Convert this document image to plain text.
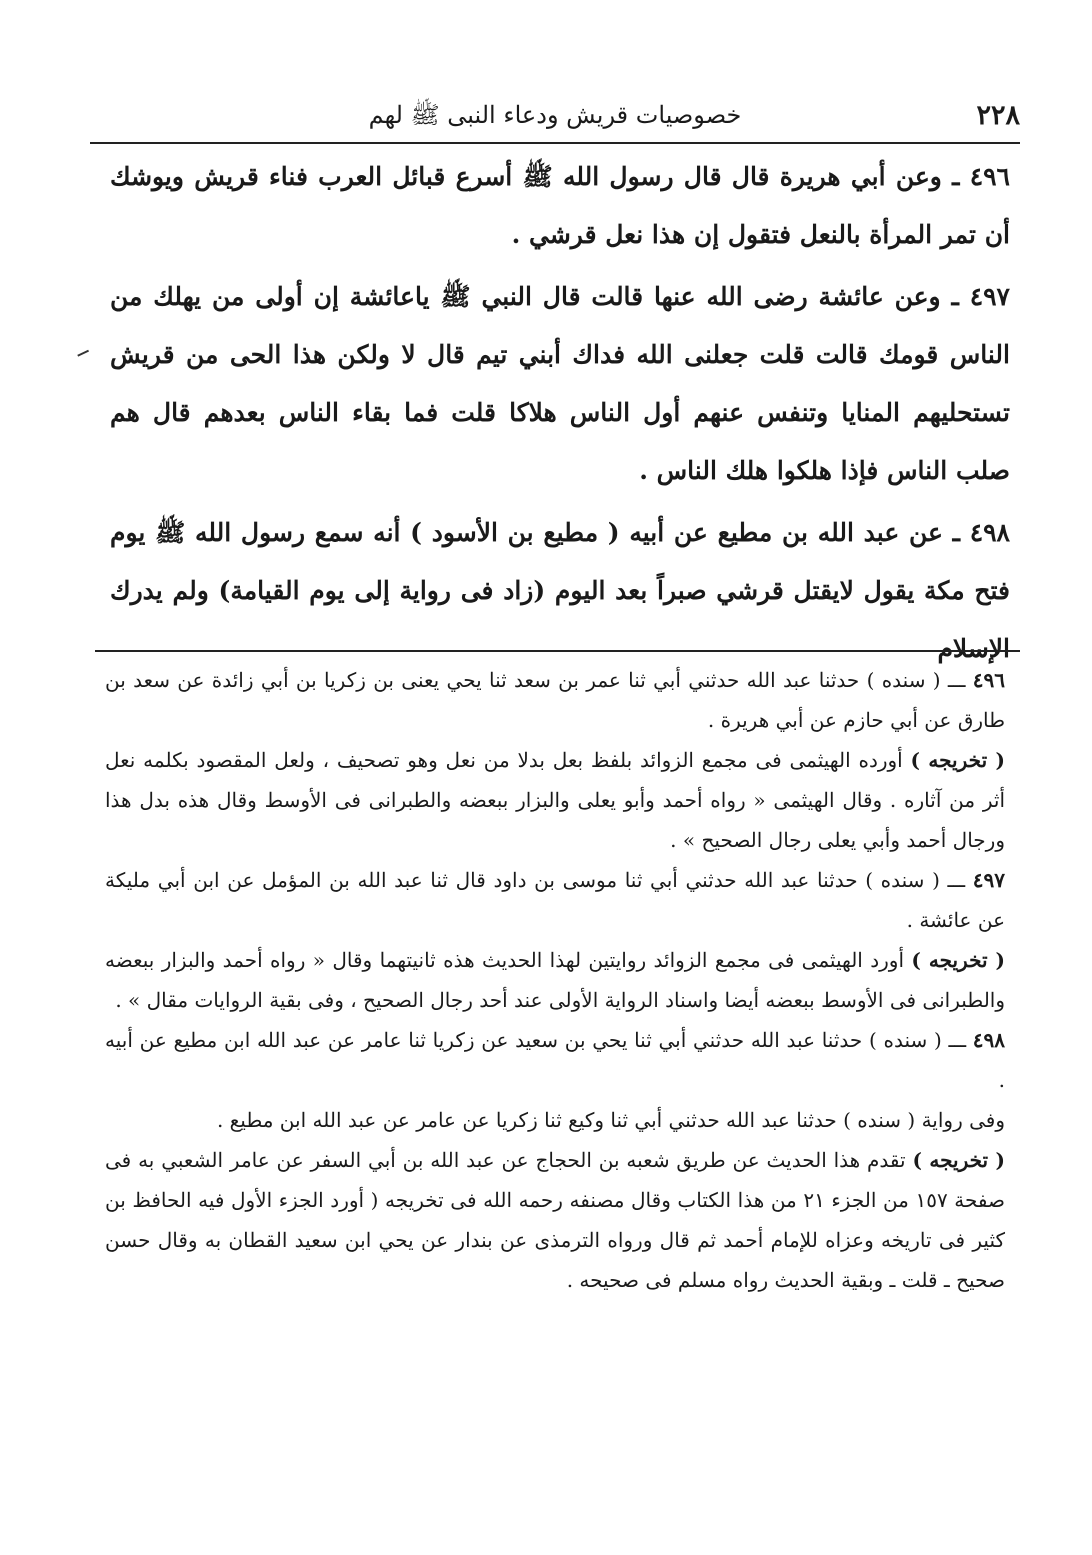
٢٢٨
خصوصيات قريش ودعاء النبى ﷺ لهم

٤٩٦ ـ وعن أبي هريرة قال قال رسول الله ﷺ أسرع قبائل العرب فناء قريش ويوشك أن تمر المرأة بالنعل فتقول إن هذا نعل قرشي .

٤٩٧ ـ وعن عائشة رضى الله عنها قالت قال النبي ﷺ ياعائشة إن أولى من يهلك من الناس قومك قالت قلت جعلنى الله فداك أبني تيم قال لا ولكن هذا الحى من قريش تستحليهم المنايا وتنفس عنهم أول الناس هلاكا قلت فما بقاء الناس بعدهم قال هم صلب الناس فإذا هلكوا هلك الناس .

٤٩٨ ـ عن عبد الله بن مطيع عن أبيه ( مطيع بن الأسود ) أنه سمع رسول الله ﷺ يوم فتح مكة يقول لايقتل قرشي صبراً بعد اليوم (زاد فى رواية إلى يوم القيامة) ولم يدرك الإسلام

٤٩٦ ـــ ( سنده ) حدثنا عبد الله حدثني أبي ثنا عمر بن سعد ثنا يحي يعنى بن زكريا بن أبي زائدة عن سعد بن طارق عن أبي حازم عن أبي هريرة .

( تخريجه ) أورده الهيثمى فى مجمع الزوائد بلفظ بعل بدلا من نعل وهو تصحيف ، ولعل المقصود بكلمه نعل أثر من آثاره . وقال الهيثمى « رواه أحمد وأبو يعلى والبزار ببعضه والطبرانى فى الأوسط وقال هذه بدل هذا ورجال أحمد وأبي يعلى رجال الصحيح » .

٤٩٧ ـــ ( سنده ) حدثنا عبد الله حدثني أبي ثنا موسى بن داود قال ثنا عبد الله بن المؤمل عن ابن أبي مليكة عن عائشة .

( تخريجه ) أورد الهيثمى فى مجمع الزوائد روايتين لهذا الحديث هذه ثانيتهما وقال « رواه أحمد والبزار ببعضه والطبرانى فى الأوسط ببعضه أيضا واسناد الرواية الأولى عند أحد رجال الصحيح ، وفى بقية الروايات مقال » .

٤٩٨ ـــ ( سنده ) حدثنا عبد الله حدثني أبي ثنا يحي بن سعيد عن زكريا ثنا عامر عن عبد الله ابن مطيع عن أبيه .

وفى رواية ( سنده ) حدثنا عبد الله حدثني أبي ثنا وكيع ثنا زكريا عن عامر عن عبد الله ابن مطيع .

( تخريجه ) تقدم هذا الحديث عن طريق شعبه بن الحجاج عن عبد الله بن أبي السفر عن عامر الشعبي به فى صفحة ١٥٧ من الجزء ٢١ من هذا الكتاب وقال مصنفه رحمه الله فى تخريجه ( أورد الجزء الأول فيه الحافظ بن كثير فى تاريخه وعزاه للإمام أحمد ثم قال ورواه الترمذى عن بندار عن يحي ابن سعيد القطان به وقال حسن صحيح ـ قلت ـ وبقية الحديث رواه مسلم فى صحيحه .
